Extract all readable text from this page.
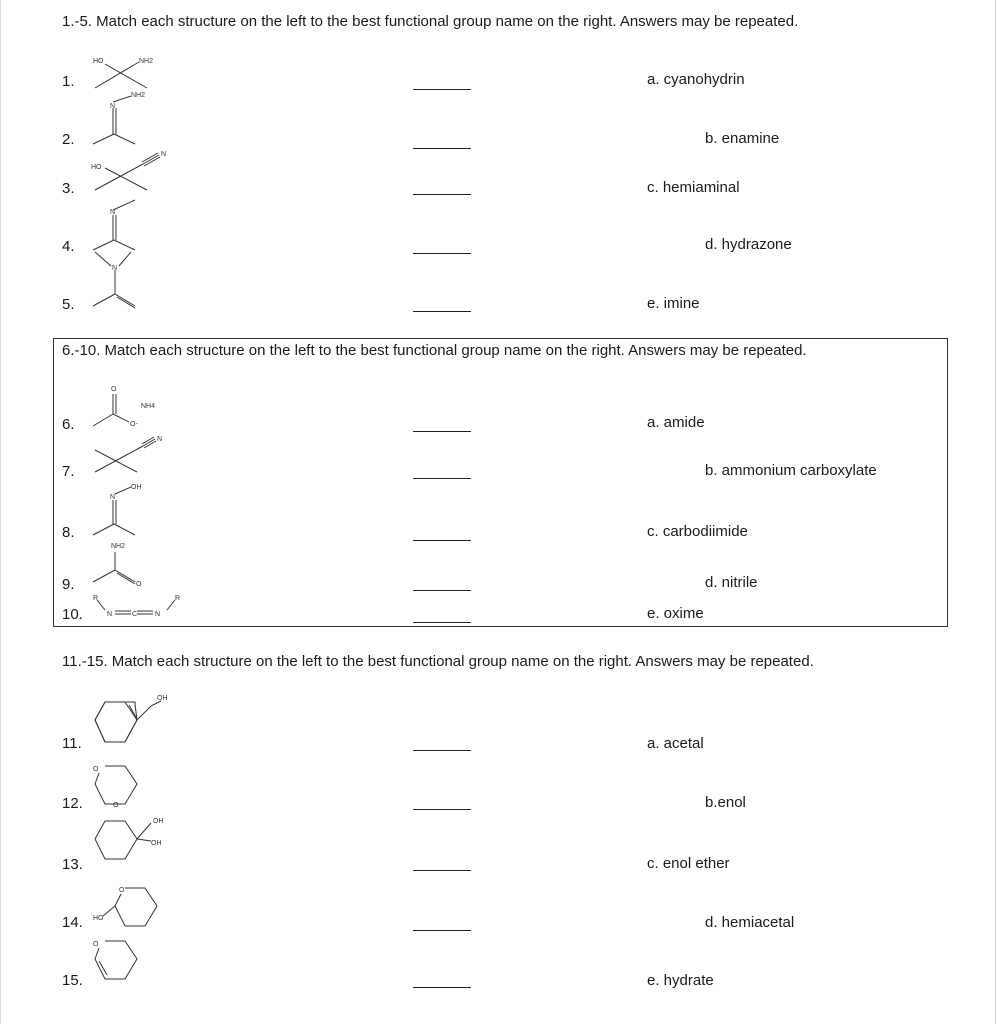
1.-5. Match each structure on the left to the best functional group name on the right. Answers may be repeated.
1.
2.
3.
4.
5.
a. cyanohydrin
b. enamine
c. hemiaminal
d. hydrazone
e. imine
HO	NH2
N
NH2
HO
N
N
N
6.-10. Match each structure on the left to the best functional group name on the right. Answers may be repeated.
6.
7.
8.
9.
10.
a. amide
b. ammonium carboxylate
c. carbodiimide
d. nitrile
e. oxime
O
O-
NH4
N
N
OH
NH2
O
R
N	C	N
R
11.-15. Match each structure on the left to the best functional group name on the right. Answers may be repeated.
11.
12.
13.
14.
15.
a. acetal
b.enol
c. enol ether
d. hemiacetal
e. hydrate
OH
O
O
OH
OH
O
HO
O
